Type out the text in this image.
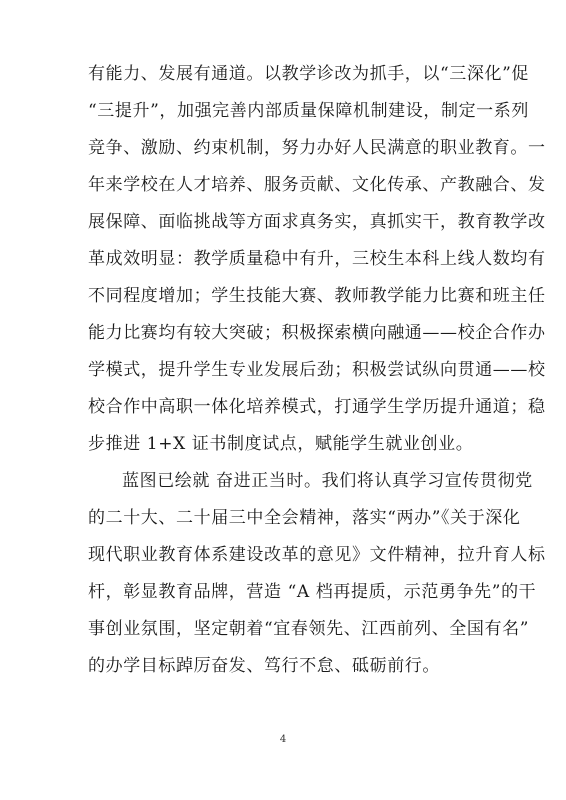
有能力、发展有通道。以教学诊改为抓手，以“三深化”促
“三提升”，加强完善内部质量保障机制建设，制定一系列
竞争、激励、约束机制，努力办好人民满意的职业教育。一
年来学校在人才培养、服务贡献、文化传承、产教融合、发
展保障、面临挑战等方面求真务实，真抓实干，教育教学改
革成效明显：教学质量稳中有升，三校生本科上线人数均有
不同程度增加；学生技能大赛、教师教学能力比赛和班主任
能力比赛均有较大突破；积极探索横向融通——校企合作办
学模式，提升学生专业发展后劲；积极尝试纵向贯通——校
校合作中高职一体化培养模式，打通学生学历提升通道；稳
步推进 1+X 证书制度试点，赋能学生就业创业。
蓝图已绘就 奋进正当时。我们将认真学习宣传贯彻党
的二十大、二十届三中全会精神，落实“两办”《关于深化
现代职业教育体系建设改革的意见》文件精神，拉升育人标
杆，彰显教育品牌，营造 “A 档再提质，示范勇争先”的干
事创业氛围，坚定朝着“宜春领先、江西前列、全国有名”
的办学目标踔厉奋发、笃行不怠、砥砺前行。
4
